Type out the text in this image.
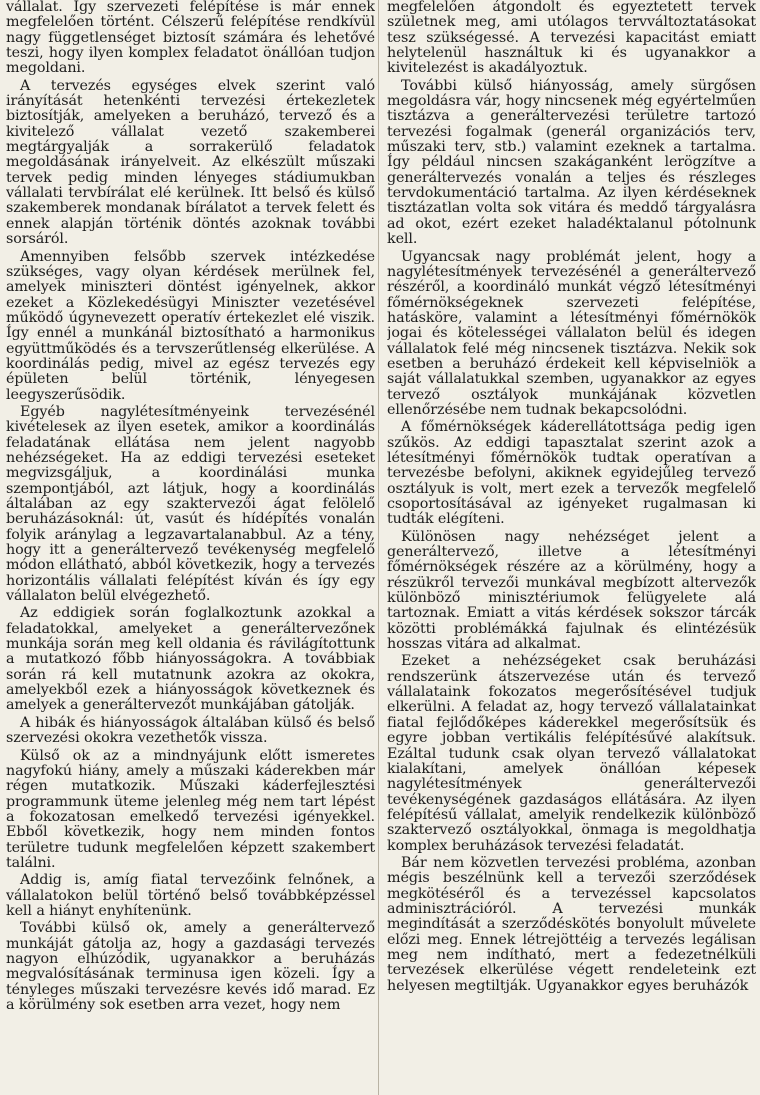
vállalat. Így szervezeti felépítése is már ennek megfelelően történt. Célszerű felépítése rendkívül nagy függetlenséget biztosít számára és lehetővé teszi, hogy ilyen komplex feladatot önállóan tudjon megoldani.

A tervezés egységes elvek szerint való irányítását hetenkénti tervezési értekezletek biztosítják, amelyeken a beruházó, tervező és a kivitelező vállalat vezető szakemberei megtárgyalják a sorrakerülő feladatok megoldásának irányelveit. Az elkészült műszaki tervek pedig minden lényeges stádiumukban vállalati tervbírálat elé kerülnek. Itt belső és külső szakemberek mondanak bírálatot a tervek felett és ennek alapján történik döntés azoknak további sorsáról.

Amennyiben felsőbb szervek intézkedése szükséges, vagy olyan kérdések merülnek fel, amelyek miniszteri döntést igényelnek, akkor ezeket a Közlekedésügyi Miniszter vezetésével működő úgynevezett operatív értekezlet elé viszik. Így ennél a munkánál biztosítható a harmonikus együttműködés és a tervszerűtlenség elkerülése. A koordinálás pedig, mivel az egész tervezés egy épületen belül történik, lényegesen leegyszerűsödik.

Egyéb nagylétesítményeink tervezésénél kivételesek az ilyen esetek, amikor a koordinálás feladatának ellátása nem jelent nagyobb nehézségeket. Ha az eddigi tervezési eseteket megvizsgáljuk, a koordinálási munka szempontjából, azt látjuk, hogy a koordinálás általában az egy szaktervezői ágat felölelő beruházásoknál: út, vasút és hídépítés vonalán folyik aránylag a legzavartalanabbul. Az a tény, hogy itt a generáltervező tevékenység megfelelő módon ellátható, abból következik, hogy a tervezés horizontális vállalati felépítést kíván és így egy vállalaton belül elvégezhető.

Az eddigiek során foglalkoztunk azokkal a feladatokkal, amelyeket a generáltervezőnek munkája során meg kell oldania és rávilágítottunk a mutatkozó főbb hiányosságokra. A továbbiak során rá kell mutatnunk azokra az okokra, amelyekből ezek a hiányosságok következnek és amelyek a generáltervezőt munkájában gátolják.

A hibák és hiányosságok általában külső és belső szervezési okokra vezethetők vissza.

Külső ok az a mindnyájunk előtt ismeretes nagyfokú hiány, amely a műszaki káderekben már régen mutatkozik. Műszaki káderfejlesztési programmunk üteme jelenleg még nem tart lépést a fokozatosan emelkedő tervezési igényekkel. Ebből következik, hogy nem minden fontos területre tudunk megfelelően képzett szakembert találni.

Addig is, amíg fiatal tervezőink felnőnek, a vállalatokon belül történő belső továbbképzéssel kell a hiányt enyhítenünk.

További külső ok, amely a generáltervező munkáját gátolja az, hogy a gazdasági tervezés nagyon elhúzódik, ugyanakkor a beruházás megvalósításának terminusa igen közeli. Így a tényleges műszaki tervezésre kevés idő marad. Ez a körülmény sok esetben arra vezet, hogy nem

megfelelően átgondolt és egyeztetett tervek születnek meg, ami utólagos tervváltoztatásokat tesz szükségessé. A tervezési kapacitást emiatt helytelenül használtuk ki és ugyanakkor a kivitelezést is akadályoztuk.

További külső hiányosság, amely sürgősen megoldásra vár, hogy nincsenek még egyértelműen tisztázva a generáltervezési területre tartozó tervezési fogalmak (generál organizációs terv, műszaki terv, stb.) valamint ezeknek a tartalma. Így például nincsen szakáganként lerögzítve a generáltervezés vonalán a teljes és részleges tervdokumentáció tartalma. Az ilyen kérdéseknek tisztázatlan volta sok vitára és meddő tárgyalásra ad okot, ezért ezeket haladéktalanul pótolnunk kell.

Ugyancsak nagy problémát jelent, hogy a nagylétesítmények tervezésénél a generáltervező részéről, a koordináló munkát végző létesítményi főmérnökségeknek szervezeti felépítése, hatásköre, valamint a létesítményi főmérnökök jogai és kötelességei vállalaton belül és idegen vállalatok felé még nincsenek tisztázva. Nekik sok esetben a beruházó érdekeit kell képviselniök a saját vállalatukkal szemben, ugyanakkor az egyes tervező osztályok munkájának közvetlen ellenőrzésébe nem tudnak bekapcsolódni.

A főmérnökségek káderellátottsága pedig igen szűkös. Az eddigi tapasztalat szerint azok a létesítményi főmérnökök tudtak operatívan a tervezésbe befolyni, akiknek egyidejűleg tervező osztályuk is volt, mert ezek a tervezők megfelelő csoportosításával az igényeket rugalmasan ki tudták elégíteni.

Különösen nagy nehézséget jelent a generáltervező, illetve a létesítményi főmérnökségek részére az a körülmény, hogy a részükről tervezői munkával megbízott altervezők különböző minisztériumok felügyelete alá tartoznak. Emiatt a vitás kérdések sokszor tárcák közötti problémákká fajulnak és elintézésük hosszas vitára ad alkalmat.

Ezeket a nehézségeket csak beruházási rendszerünk átszervezése után és tervező vállalataink fokozatos megerősítésével tudjuk elkerülni. A feladat az, hogy tervező vállalatainkat fiatal fejlődőképes káderekkel megerősítsük és egyre jobban vertikális felépítésűvé alakítsuk. Ezáltal tudunk csak olyan tervező vállalatokat kialakítani, amelyek önállóan képesek nagylétesítmények generáltervezői tevékenységének gazdaságos ellátására. Az ilyen felépítésű vállalat, amelyik rendelkezik különböző szaktervező osztályokkal, önmaga is megoldhatja komplex beruházások tervezési feladatát.

Bár nem közvetlen tervezési probléma, azonban mégis beszélnünk kell a tervezői szerződések megkötéséről és a tervezéssel kapcsolatos adminisztrációról. A tervezési munkák megindítását a szerződéskötés bonyolult művelete előzi meg. Ennek létrejöttéig a tervezés legálisan meg nem indítható, mert a fedezetnélküli tervezések elkerülése végett rendeleteink ezt helyesen megtiltják. Ugyanakkor egyes beruházók
